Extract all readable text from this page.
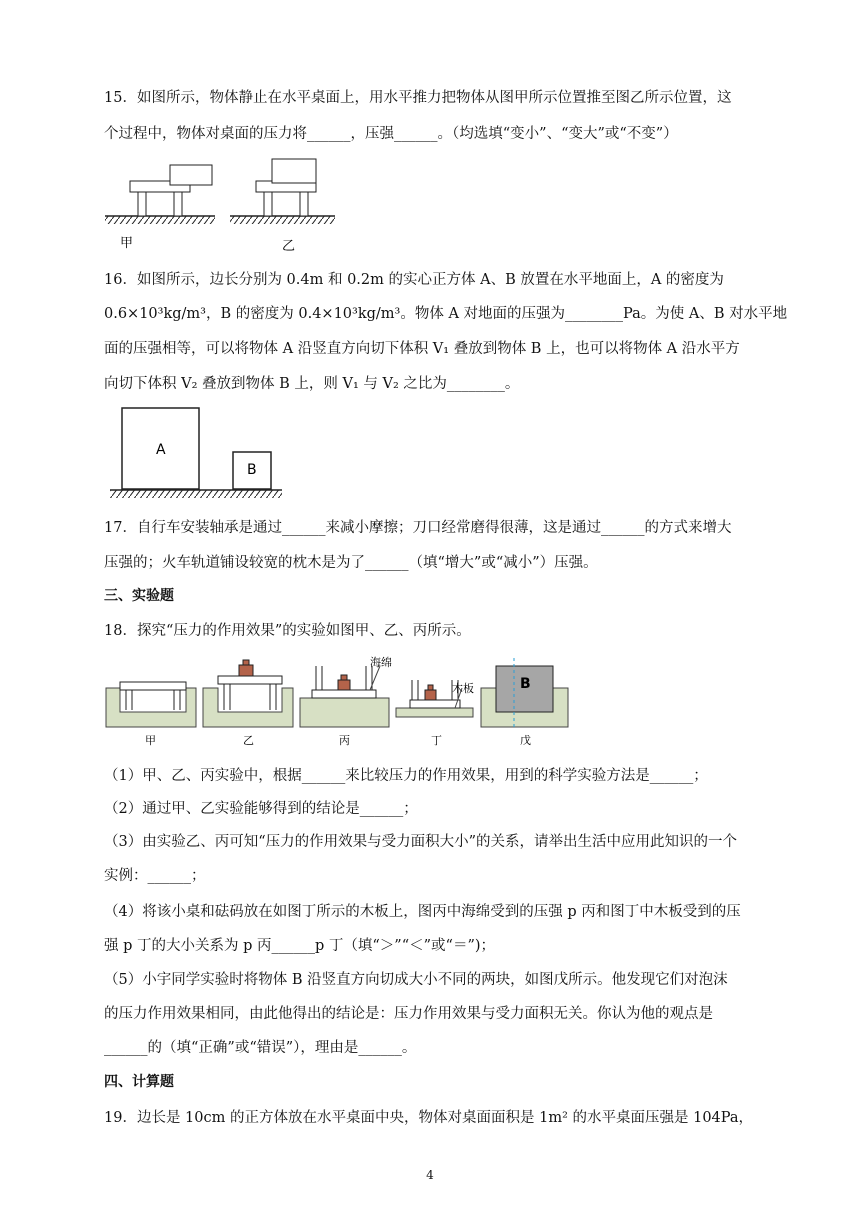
15．如图所示，物体静止在水平桌面上，用水平推力把物体从图甲所示位置推至图乙所示位置，这
个过程中，物体对桌面的压力将______，压强______。（均选填“变小”、“变大”或“不变”）
甲	乙
16．如图所示，边长分别为 0.4m 和 0.2m 的实心正方体 A、B 放置在水平地面上，A 的密度为
0.6×10³kg/m³，B 的密度为 0.4×10³kg/m³。物体 A 对地面的压强为________Pa。为使 A、B 对水平地
面的压强相等，可以将物体 A 沿竖直方向切下体积 V₁ 叠放到物体 B 上，也可以将物体 A 沿水平方
向切下体积 V₂ 叠放到物体 B 上，则 V₁ 与 V₂ 之比为________。
A
B
17．自行车安装轴承是通过______来减小摩擦；刀口经常磨得很薄，这是通过______的方式来增大
压强的；火车轨道铺设较宽的枕木是为了______（填“增大”或“减小”）压强。
三、实验题
18．探究“压力的作用效果”的实验如图甲、乙、丙所示。
海绵
木板	B
甲	乙	丙	丁	戊
（1）甲、乙、丙实验中，根据______来比较压力的作用效果，用到的科学实验方法是______；
（2）通过甲、乙实验能够得到的结论是______；
（3）由实验乙、丙可知“压力的作用效果与受力面积大小”的关系，请举出生活中应用此知识的一个
实例：______；
（4）将该小桌和砝码放在如图丁所示的木板上，图丙中海绵受到的压强 p 丙和图丁中木板受到的压
强 p 丁的大小关系为 p 丙______p 丁（填“＞”“＜”或“＝”)；
（5）小宇同学实验时将物体 B 沿竖直方向切成大小不同的两块，如图戊所示。他发现它们对泡沫
的压力作用效果相同，由此他得出的结论是：压力作用效果与受力面积无关。你认为他的观点是
______的（填“正确”或“错误”），理由是______。
四、计算题
19．边长是 10cm 的正方体放在水平桌面中央，物体对桌面面积是 1m² 的水平桌面压强是 104Pa，
4
